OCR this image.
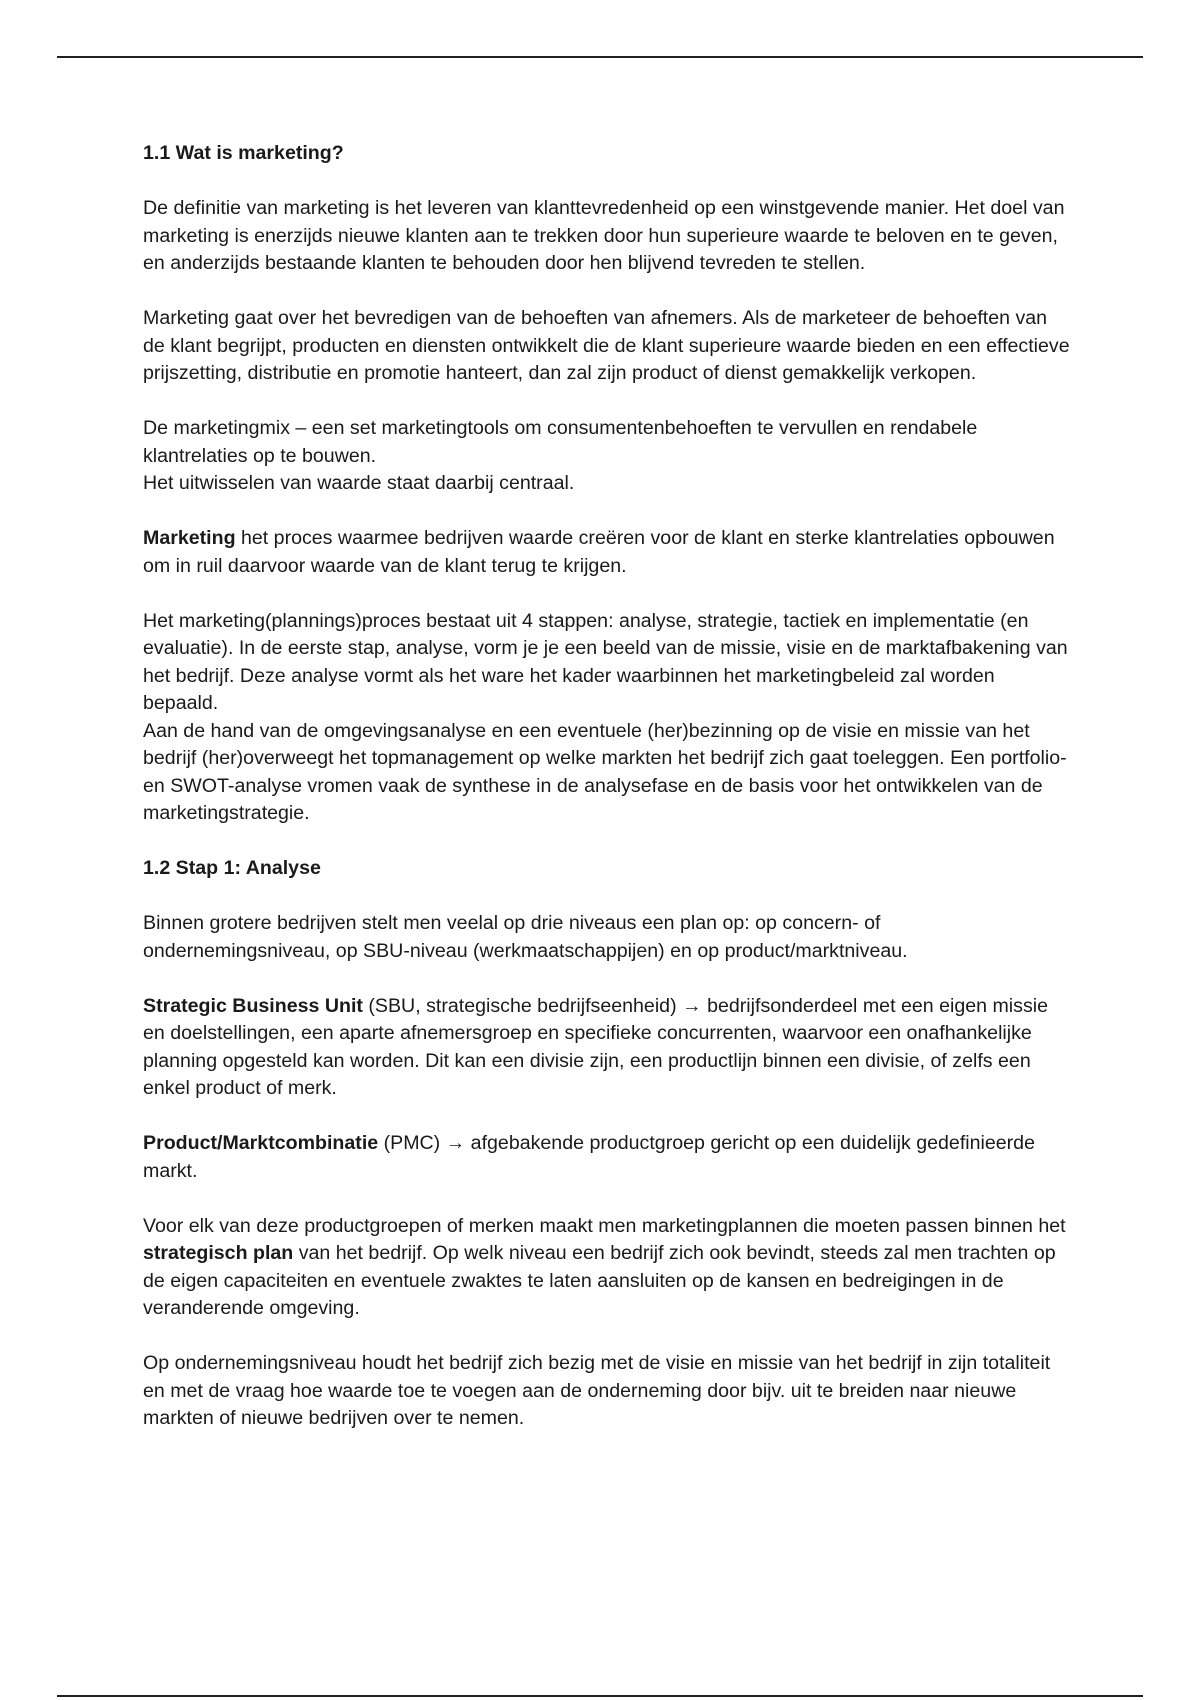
1.1 Wat is marketing?

De definitie van marketing is het leveren van klanttevredenheid op een winstgevende manier. Het doel van marketing is enerzijds nieuwe klanten aan te trekken door hun superieure waarde te beloven en te geven, en anderzijds bestaande klanten te behouden door hen blijvend tevreden te stellen.

Marketing gaat over het bevredigen van de behoeften van afnemers. Als de marketeer de behoeften van de klant begrijpt, producten en diensten ontwikkelt die de klant superieure waarde bieden en een effectieve prijszetting, distributie en promotie hanteert, dan zal zijn product of dienst gemakkelijk verkopen.

De marketingmix – een set marketingtools om consumentenbehoeften te vervullen en rendabele klantrelaties op te bouwen.

Het uitwisselen van waarde staat daarbij centraal.

Marketing het proces waarmee bedrijven waarde creëren voor de klant en sterke klantrelaties opbouwen om in ruil daarvoor waarde van de klant terug te krijgen.

Het marketing(plannings)proces bestaat uit 4 stappen: analyse, strategie, tactiek en implementatie (en evaluatie). In de eerste stap, analyse, vorm je je een beeld van de missie, visie en de marktafbakening van het bedrijf. Deze analyse vormt als het ware het kader waarbinnen het marketingbeleid zal worden bepaald.

Aan de hand van de omgevingsanalyse en een eventuele (her)bezinning op de visie en missie van het bedrijf (her)overweegt het topmanagement op welke markten het bedrijf zich gaat toeleggen. Een portfolio- en SWOT-analyse vromen vaak de synthese in de analysefase en de basis voor het ontwikkelen van de marketingstrategie.

1.2 Stap 1: Analyse

Binnen grotere bedrijven stelt men veelal op drie niveaus een plan op: op concern- of ondernemingsniveau, op SBU-niveau (werkmaatschappijen) en op product/marktniveau.

Strategic Business Unit (SBU, strategische bedrijfseenheid) → bedrijfsonderdeel met een eigen missie en doelstellingen, een aparte afnemersgroep en specifieke concurrenten, waarvoor een onafhankelijke planning opgesteld kan worden. Dit kan een divisie zijn, een productlijn binnen een divisie, of zelfs een enkel product of merk.

Product/Marktcombinatie (PMC) → afgebakende productgroep gericht op een duidelijk gedefinieerde markt.

Voor elk van deze productgroepen of merken maakt men marketingplannen die moeten passen binnen het strategisch plan van het bedrijf. Op welk niveau een bedrijf zich ook bevindt, steeds zal men trachten op de eigen capaciteiten en eventuele zwaktes te laten aansluiten op de kansen en bedreigingen in de veranderende omgeving.

Op ondernemingsniveau houdt het bedrijf zich bezig met de visie en missie van het bedrijf in zijn totaliteit en met de vraag hoe waarde toe te voegen aan de onderneming door bijv. uit te breiden naar nieuwe markten of nieuwe bedrijven over te nemen.
